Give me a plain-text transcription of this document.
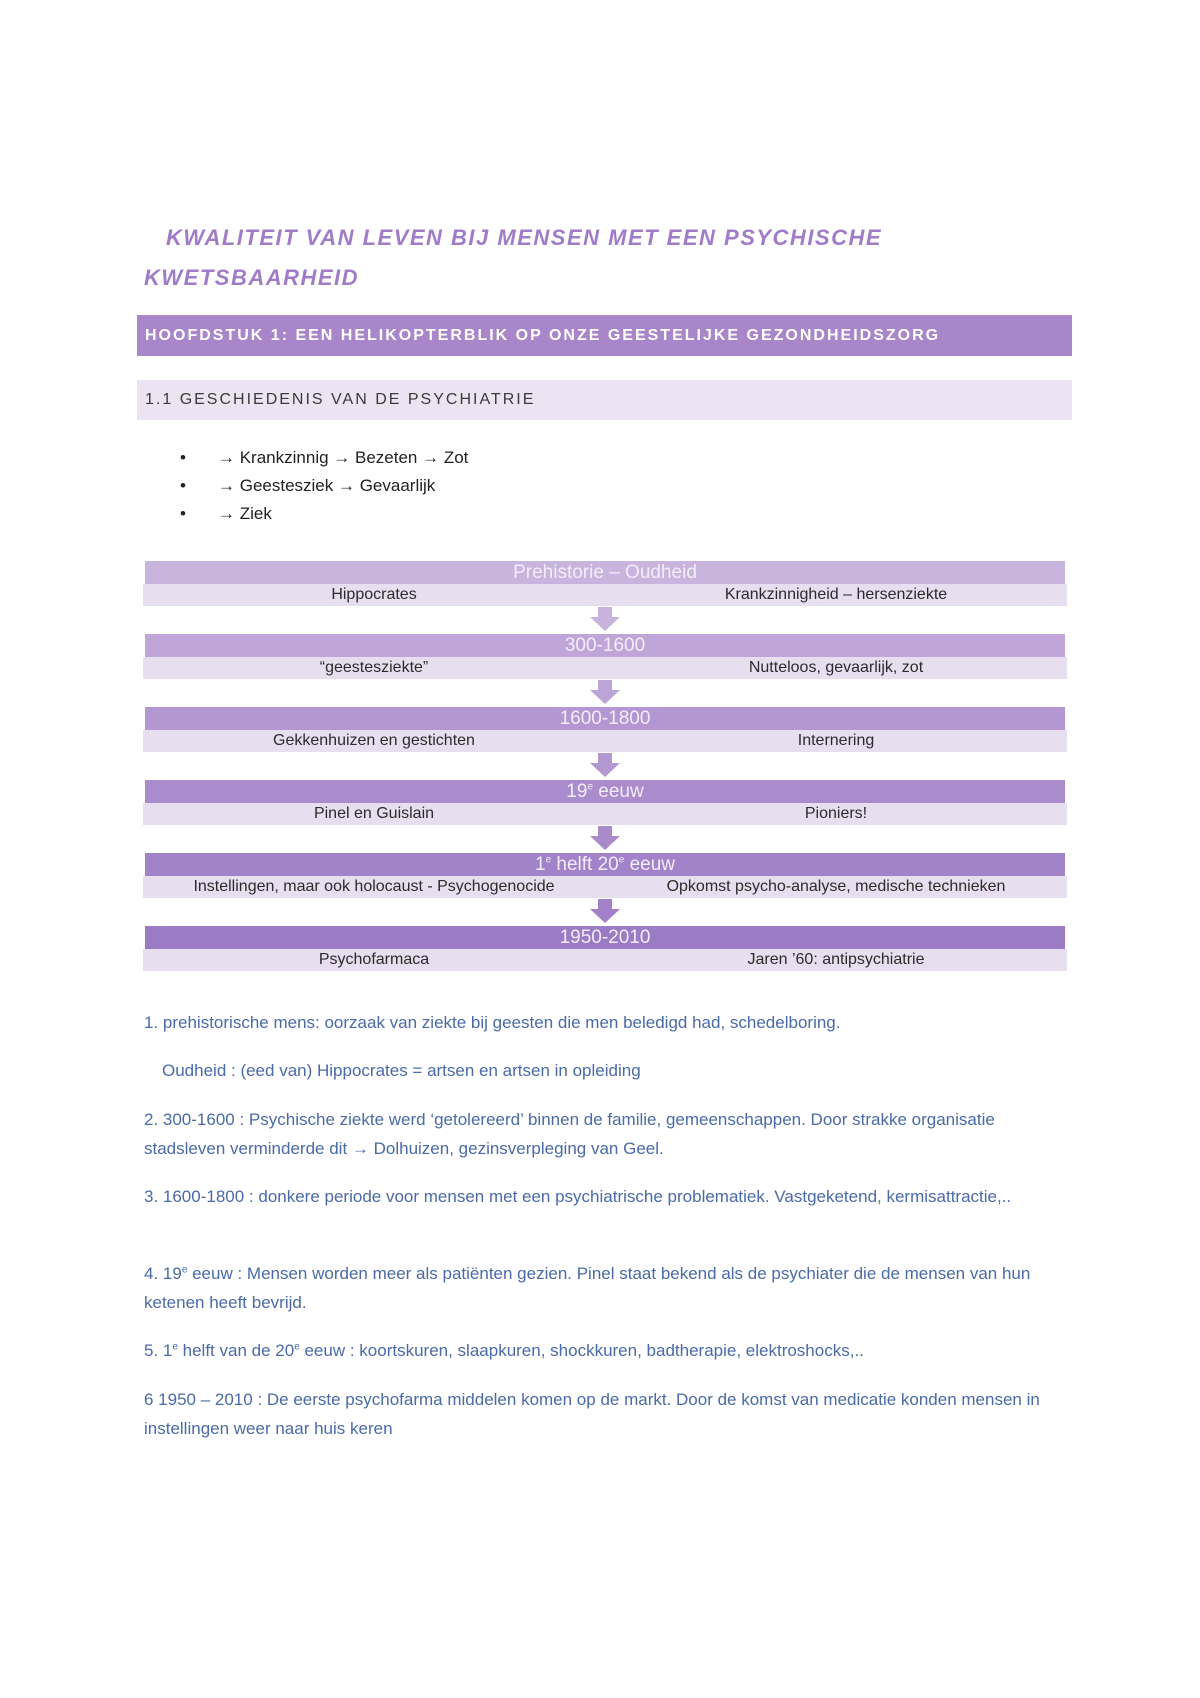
KWALITEIT VAN LEVEN BIJ MENSEN MET EEN PSYCHISCHE KWETSBAARHEID
HOOFDSTUK 1: EEN HELIKOPTERBLIK OP ONZE GEESTELIJKE GEZONDHEIDSZORG
1.1 GESCHIEDENIS VAN DE PSYCHIATRIE
• → Krankzinnig → Bezeten → Zot
• → Geestesziek → Gevaarlijk
• → Ziek
Prehistorie – Oudheid
Hippocrates	Krankzinnigheid – hersenziekte
300-1600
“geestesziekte”	Nutteloos, gevaarlijk, zot
1600-1800
Gekkenhuizen en gestichten	Internering
19e eeuw
Pinel en Guislain	Pioniers!
1e helft 20e eeuw
Instellingen, maar ook holocaust - Psychogenocide	Opkomst psycho-analyse, medische technieken
1950-2010
Psychofarmaca	Jaren ’60: antipsychiatrie
1. prehistorische mens: oorzaak van ziekte bij geesten die men beledigd had, schedelboring.
Oudheid : (eed van) Hippocrates = artsen en artsen in opleiding
2. 300-1600 : Psychische ziekte werd ‘getolereerd’ binnen de familie, gemeenschappen. Door strakke organisatie stadsleven verminderde dit → Dolhuizen, gezinsverpleging van Geel.
3. 1600-1800 : donkere periode voor mensen met een psychiatrische problematiek. Vastgeketend, kermisattractie,..
4. 19e eeuw : Mensen worden meer als patiënten gezien. Pinel staat bekend als de psychiater die de mensen van hun ketenen heeft bevrijd.
5. 1e helft van de 20e eeuw : koortskuren, slaapkuren, shockkuren, badtherapie, elektroshocks,..
6 1950 – 2010 : De eerste psychofarma middelen komen op de markt. Door de komst van medicatie konden mensen in instellingen weer naar huis keren
